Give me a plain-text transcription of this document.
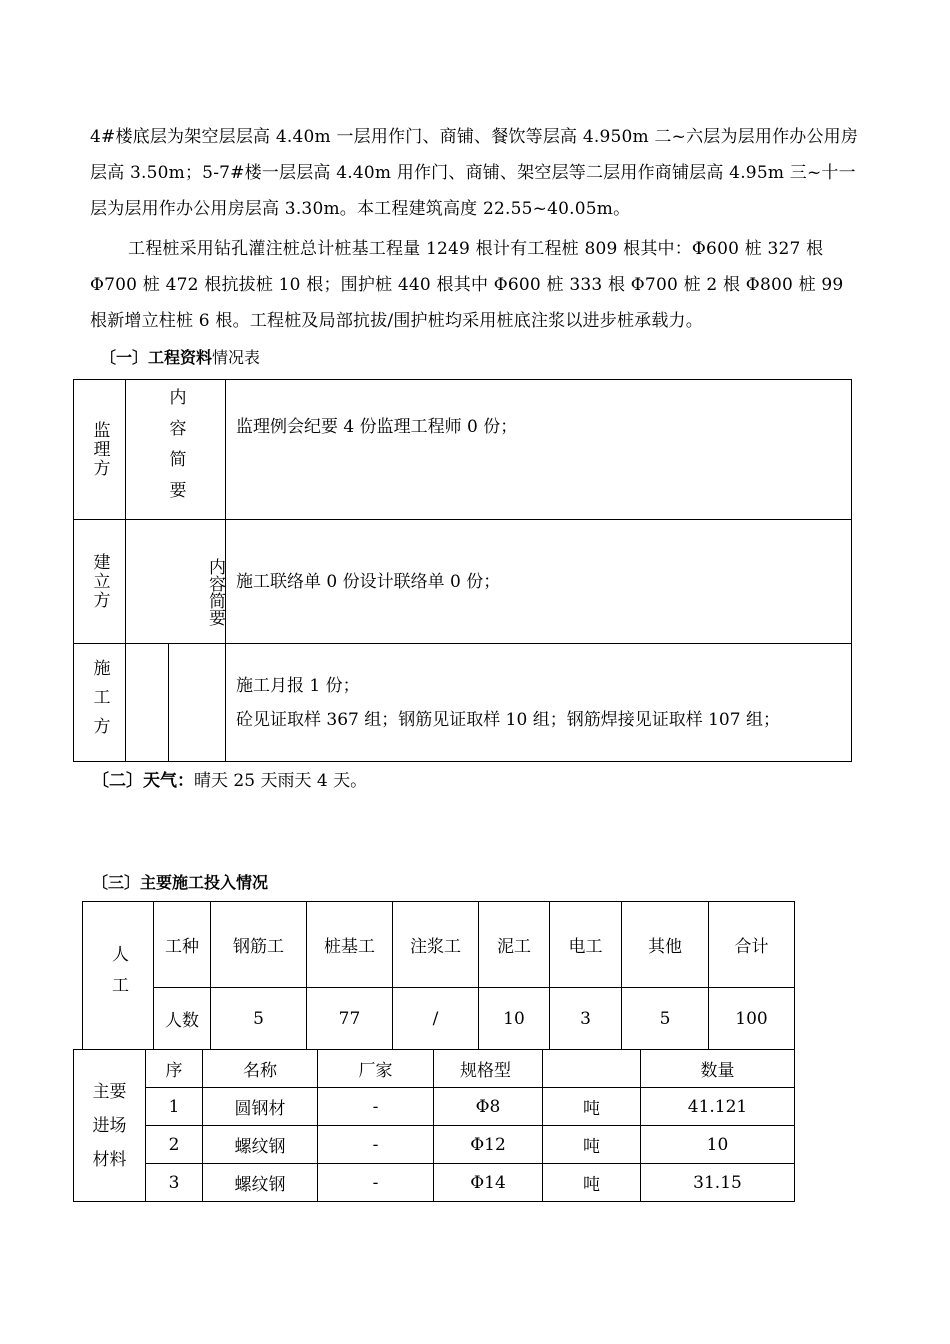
4#楼底层为架空层层高 4.40m 一层用作门、商铺、餐饮等层高 4.950m 二~六层为层用作办公用房层高 3.50m；5-7#楼一层层高 4.40m 用作门、商铺、架空层等二层用作商铺层高 4.95m 三~十一层为层用作办公用房层高 3.30m。本工程建筑高度 22.55~40.05m。
工程桩采用钻孔灌注桩总计桩基工程量 1249 根计有工程桩 809 根其中：Φ600 桩 327 根 Φ700 桩 472 根抗拔桩 10 根；围护桩 440 根其中 Φ600 桩 333 根 Φ700 桩 2 根 Φ800 桩 99 根新增立柱桩 6 根。工程桩及局部抗拔/围护桩均采用桩底注浆以进步桩承载力。
〔一〕工程资料情况表
监理方	内容简要		监理例会纪要 4 份监理工程师 0 份；

建立方	内容简要		施工联络单 0 份设计联络单 0 份；

施工方			施工月报 1 份；
砼见证取样 367 组；钢筋见证取样 10 组；钢筋焊接见证取样 107 组；
〔二〕天气：晴天 25 天雨天 4 天。
〔三〕主要施工投入情况
人工	工种	钢筋工	桩基工	注浆工	泥工	电工	其他	合计
	人数	5	77	/	10	3	5	100
主要进场材料	序	名称	厂家	规格型		数量
	1	圆钢材	-	Φ8	吨	41.121
	2	螺纹钢	-	Φ12	吨	10
	3	螺纹钢	-	Φ14	吨	31.15
